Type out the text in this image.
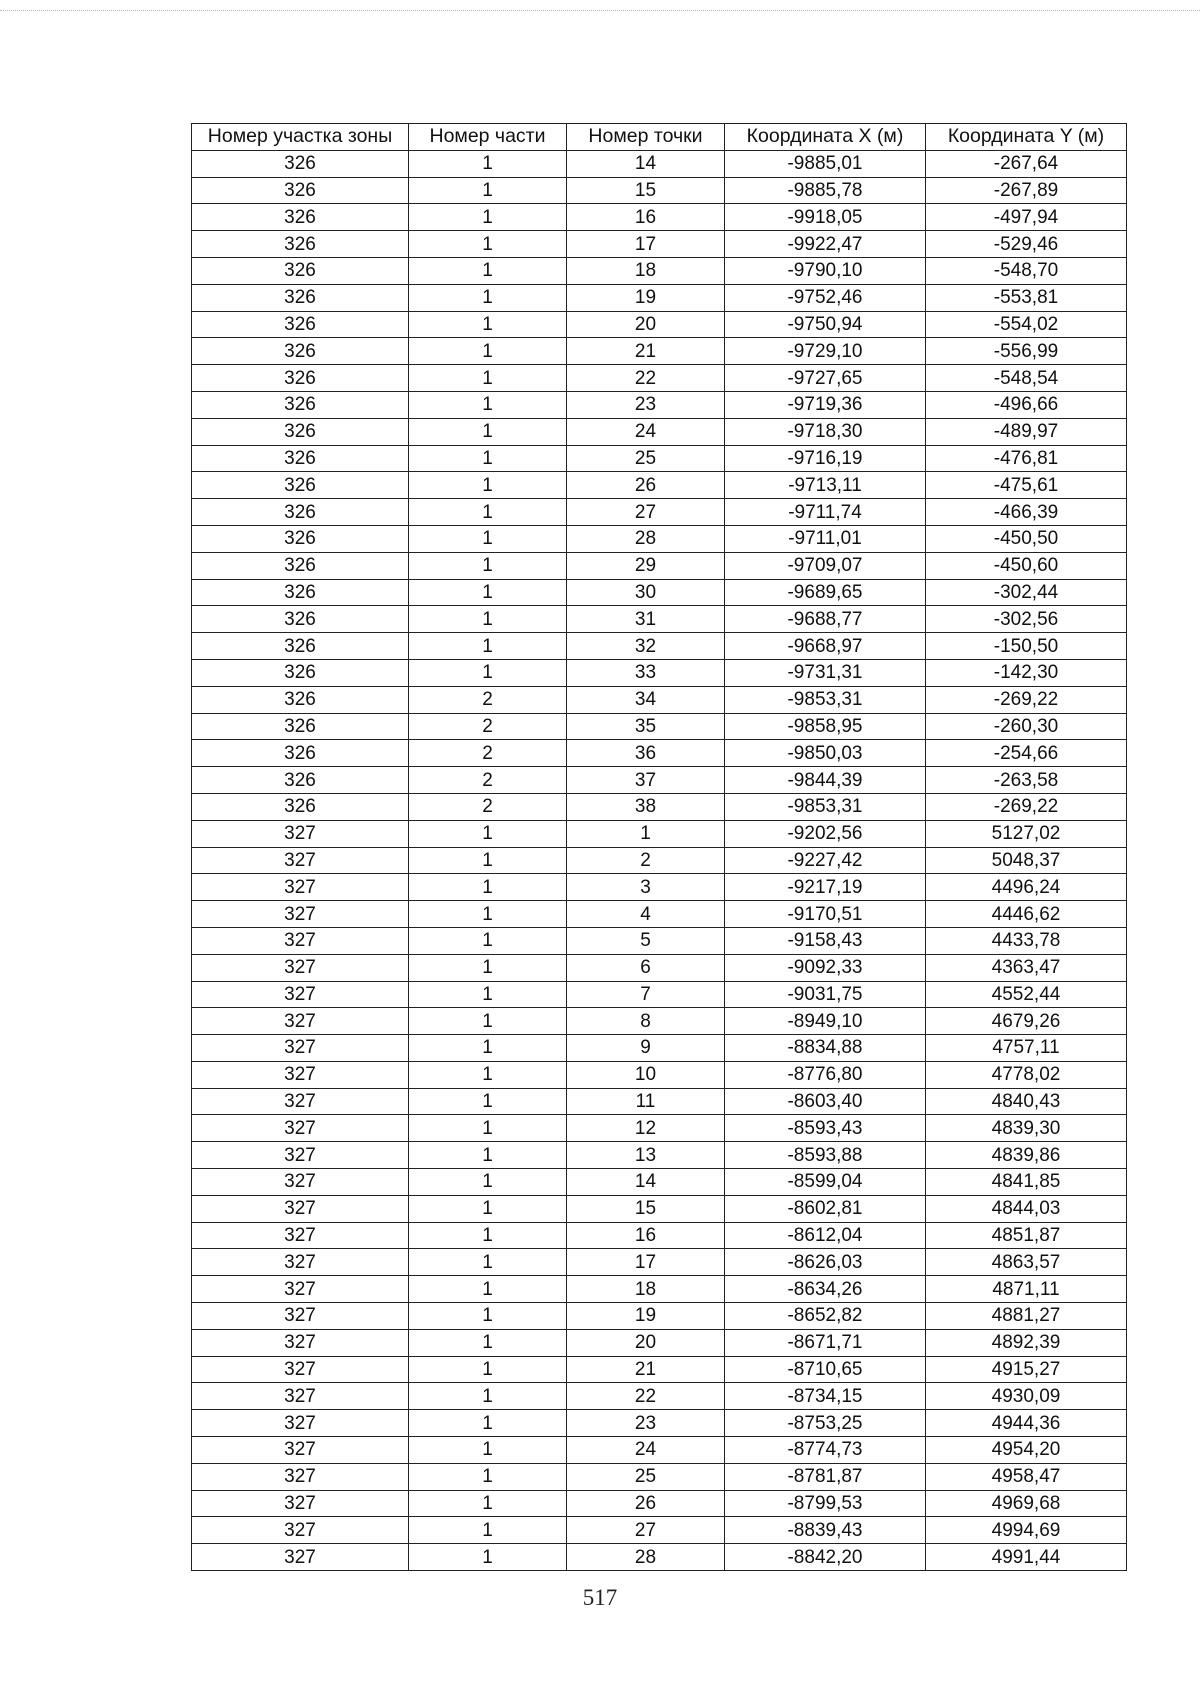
Номер участка зоны	Номер части	Номер точки	Координата X (м)	Координата Y (м)
326	1	14	-9885,01	-267,64
326	1	15	-9885,78	-267,89
326	1	16	-9918,05	-497,94
326	1	17	-9922,47	-529,46
326	1	18	-9790,10	-548,70
326	1	19	-9752,46	-553,81
326	1	20	-9750,94	-554,02
326	1	21	-9729,10	-556,99
326	1	22	-9727,65	-548,54
326	1	23	-9719,36	-496,66
326	1	24	-9718,30	-489,97
326	1	25	-9716,19	-476,81
326	1	26	-9713,11	-475,61
326	1	27	-9711,74	-466,39
326	1	28	-9711,01	-450,50
326	1	29	-9709,07	-450,60
326	1	30	-9689,65	-302,44
326	1	31	-9688,77	-302,56
326	1	32	-9668,97	-150,50
326	1	33	-9731,31	-142,30
326	2	34	-9853,31	-269,22
326	2	35	-9858,95	-260,30
326	2	36	-9850,03	-254,66
326	2	37	-9844,39	-263,58
326	2	38	-9853,31	-269,22
327	1	1	-9202,56	5127,02
327	1	2	-9227,42	5048,37
327	1	3	-9217,19	4496,24
327	1	4	-9170,51	4446,62
327	1	5	-9158,43	4433,78
327	1	6	-9092,33	4363,47
327	1	7	-9031,75	4552,44
327	1	8	-8949,10	4679,26
327	1	9	-8834,88	4757,11
327	1	10	-8776,80	4778,02
327	1	11	-8603,40	4840,43
327	1	12	-8593,43	4839,30
327	1	13	-8593,88	4839,86
327	1	14	-8599,04	4841,85
327	1	15	-8602,81	4844,03
327	1	16	-8612,04	4851,87
327	1	17	-8626,03	4863,57
327	1	18	-8634,26	4871,11
327	1	19	-8652,82	4881,27
327	1	20	-8671,71	4892,39
327	1	21	-8710,65	4915,27
327	1	22	-8734,15	4930,09
327	1	23	-8753,25	4944,36
327	1	24	-8774,73	4954,20
327	1	25	-8781,87	4958,47
327	1	26	-8799,53	4969,68
327	1	27	-8839,43	4994,69
327	1	28	-8842,20	4991,44
517
